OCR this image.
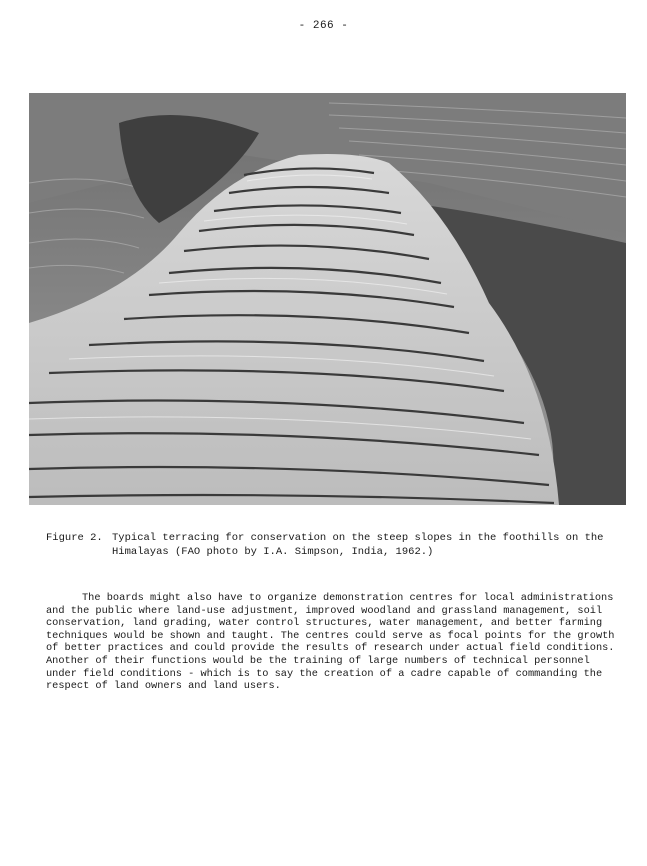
- 266 -

Figure 2. Typical terracing for conservation on the steep slopes in the foothills on the
Himalayas (FAO photo by I.A. Simpson, India, 1962.)

The boards might also have to organize demonstration centres for local administrations and the public where land-use adjustment, improved woodland and grassland management, soil conservation, land grading, water control structures, water management, and better farming techniques would be shown and taught. The centres could serve as focal points for the growth of better practices and could provide the results of research under actual field conditions. Another of their functions would be the training of large numbers of technical personnel under field conditions - which is to say the creation of a cadre capable of commanding the respect of land owners and land users.
